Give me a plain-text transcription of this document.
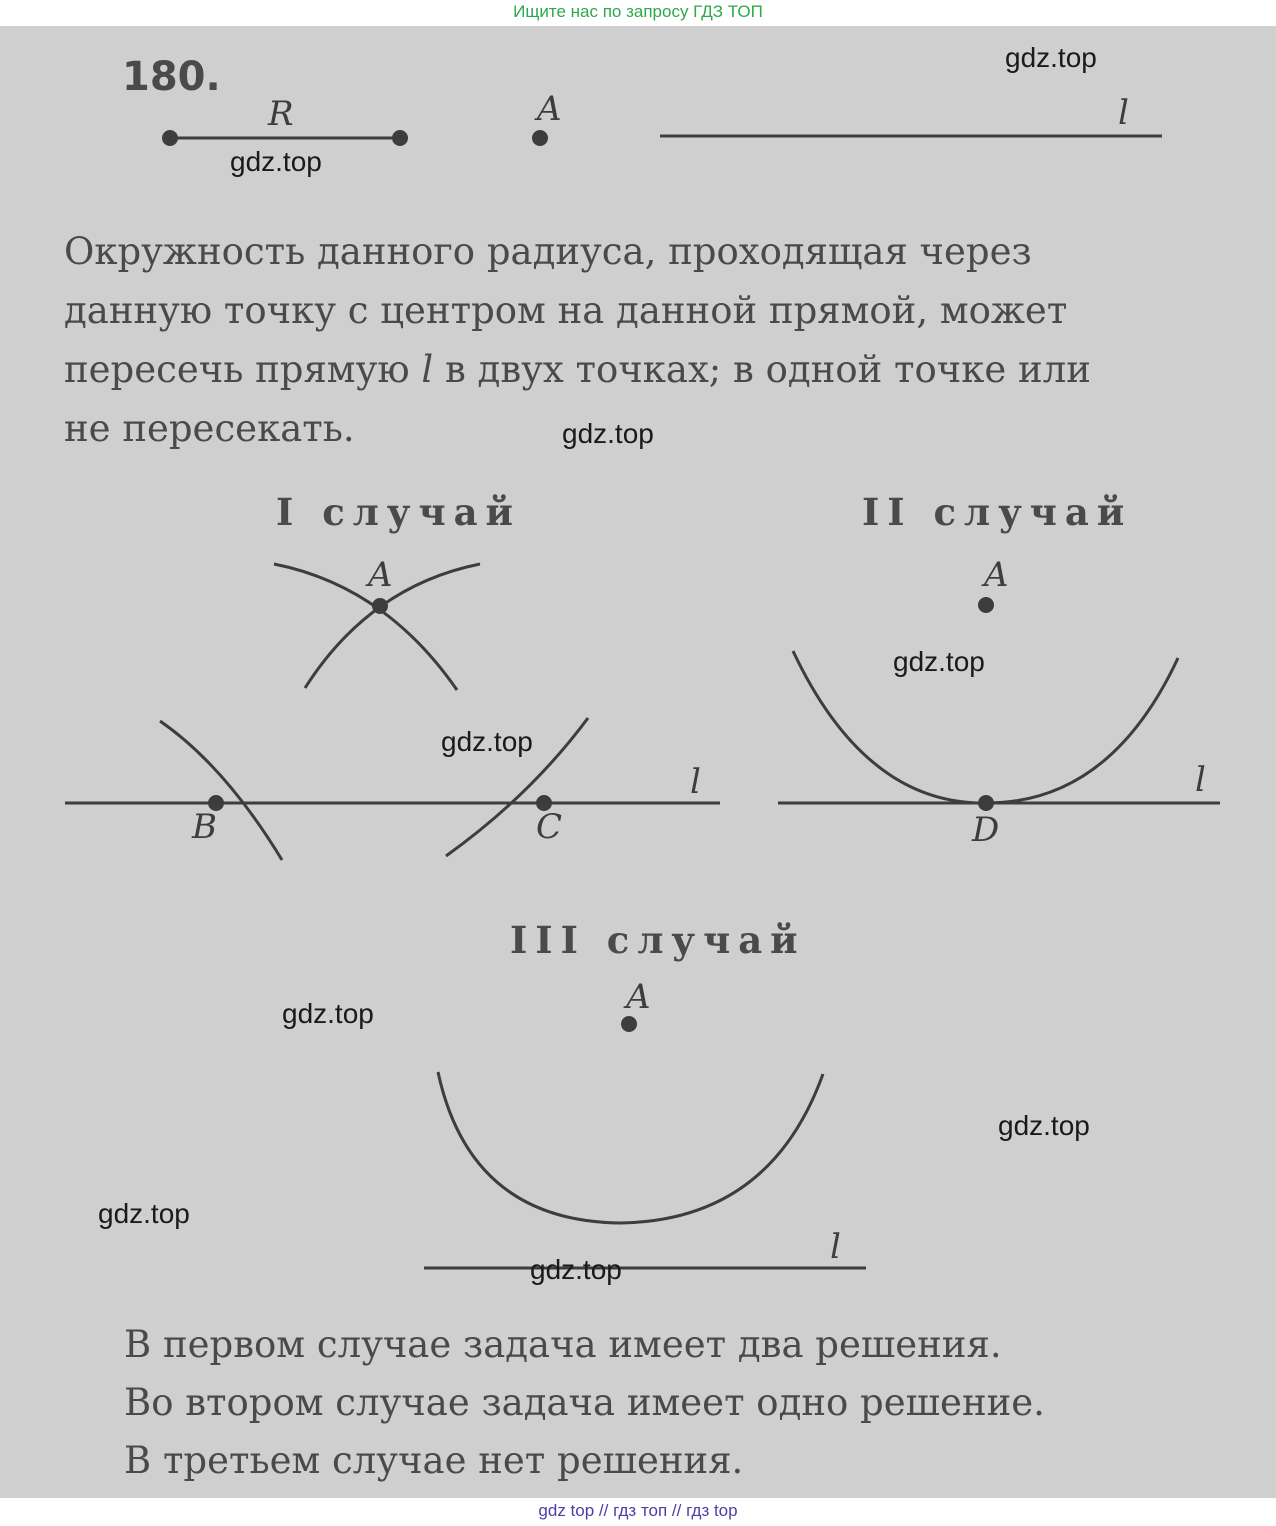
Ищите нас по запросу ГДЗ ТОП
180.
R	A	l
A
B	C
l
A
D
l
A
l

Окружность данного радиуса, проходящая через

данную точку с центром на данной прямой, может

пересечь прямую l в двух точках; в одной точке или

не пересекать.

I случай	II случай
III случай
В первом случае задача имеет два решения.
Во втором случае задача имеет одно решение.
В третьем случае нет решения.
gdz.top
gdz.top
gdz.top
gdz.top
gdz.top
gdz.top
gdz.top
gdz.top
gdz.top
gdz top // гдз топ // гдз top
